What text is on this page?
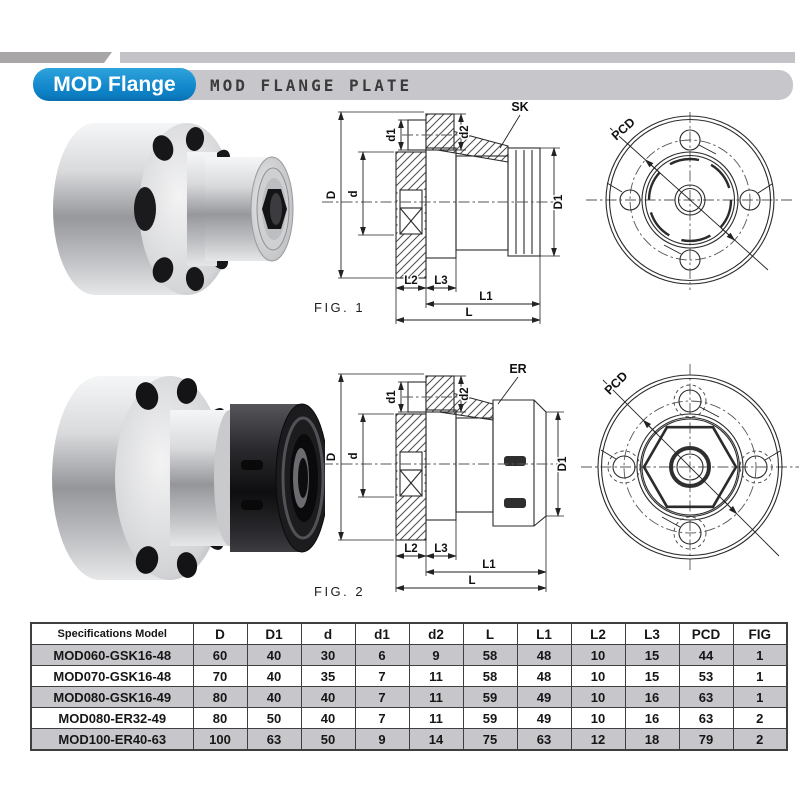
MOD FLANGE PLATE
MOD Flange
SK
D d
d1	d2
D1
L2 L3
L1
L
FIG. 1
PCD
ER
D d
d1	d2
D1
L2 L3
L1
L
FIG. 2
PCD
Specifications Model	D	D1	d	d1	d2	L	L1	L2	L3	PCD	FIG
MOD060-GSK16-48	60	40	30	6	9	58	48	10	15	44	1
MOD070-GSK16-48	70	40	35	7	11	58	48	10	15	53	1
MOD080-GSK16-49	80	40	40	7	11	59	49	10	16	63	1
MOD080-ER32-49	80	50	40	7	11	59	49	10	16	63	2
MOD100-ER40-63	100	63	50	9	14	75	63	12	18	79	2
